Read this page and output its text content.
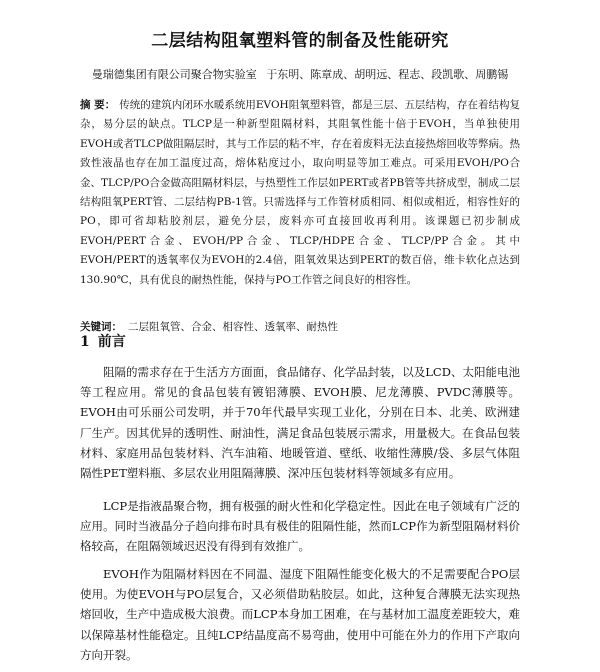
二层结构阻氧塑料管的制备及性能研究
曼瑞德集团有限公司聚合物实验室 于东明、陈章成、胡明远、程志、段凯歌、周鹏锡
摘 要： 传统的建筑内闭环水暖系统用EVOH阻氧塑料管，都是三层、五层结构，存在着结构复杂，易分层的缺点。TLCP是一种新型阻隔材料，其阻氧性能十倍于EVOH，当单独使用EVOH或者TLCP做阻隔层时，其与工作层的粘不牢，存在着废料无法直接热熔回收等弊病。热致性液晶也存在加工温度过高，熔体粘度过小，取向明显等加工难点。可采用EVOH/PO合金、TLCP/PO合金做高阻隔材料层，与热塑性工作层如PERT或者PB管等共挤成型，制成二层结构阻氧PERT管、二层结构PB-1管。只需选择与工作管材质相同、相似或相近，相容性好的PO，即可省却粘胶剂层，避免分层，废料亦可直接回收再利用。该课题已初步制成EVOH/PERT合金、EVOH/PP合金、TLCP/HDPE合金、TLCP/PP合金。其中EVOH/PERT的透氧率仅为EVOH的2.4倍，阻氧效果达到PERT的数百倍，维卡软化点达到130.90℃，具有优良的耐热性能，保持与PO工作管之间良好的相容性。
关键词： 二层阻氧管、合金、相容性、透氧率、耐热性
1 前言
阻隔的需求存在于生活方方面面，食品储存、化学品封装，以及LCD、太阳能电池等工程应用。常见的食品包装有镀铝薄膜、EVOH膜、尼龙薄膜、PVDC薄膜等。EVOH由可乐丽公司发明，并于70年代最早实现工业化，分别在日本、北美、欧洲建厂生产。因其优异的透明性、耐油性，满足食品包装展示需求，用量极大。在食品包装材料、家庭用品包装材料、汽车油箱、地暖管道、壁纸、收缩性薄膜/袋、多层气体阻隔性PET塑料瓶、多层农业用阻隔薄膜、深冲压包装材料等领域多有应用。
LCP是指液晶聚合物，拥有极强的耐火性和化学稳定性。因此在电子领域有广泛的应用。同时当液晶分子趋向排布时具有极佳的阻隔性能，然而LCP作为新型阻隔材料价格较高，在阻隔领域迟迟没有得到有效推广。
EVOH作为阻隔材料因在不同温、湿度下阻隔性能变化极大的不足需要配合PO层使用。为使EVOH与PO层复合，又必须借助粘胶层。如此，这种复合薄膜无法实现热熔回收，生产中造成极大浪费。而LCP本身加工困难，在与基材加工温度差距较大，难以保障基材性能稳定。且纯LCP结晶度高不易弯曲，使用中可能在外力的作用下产取向方向开裂。
